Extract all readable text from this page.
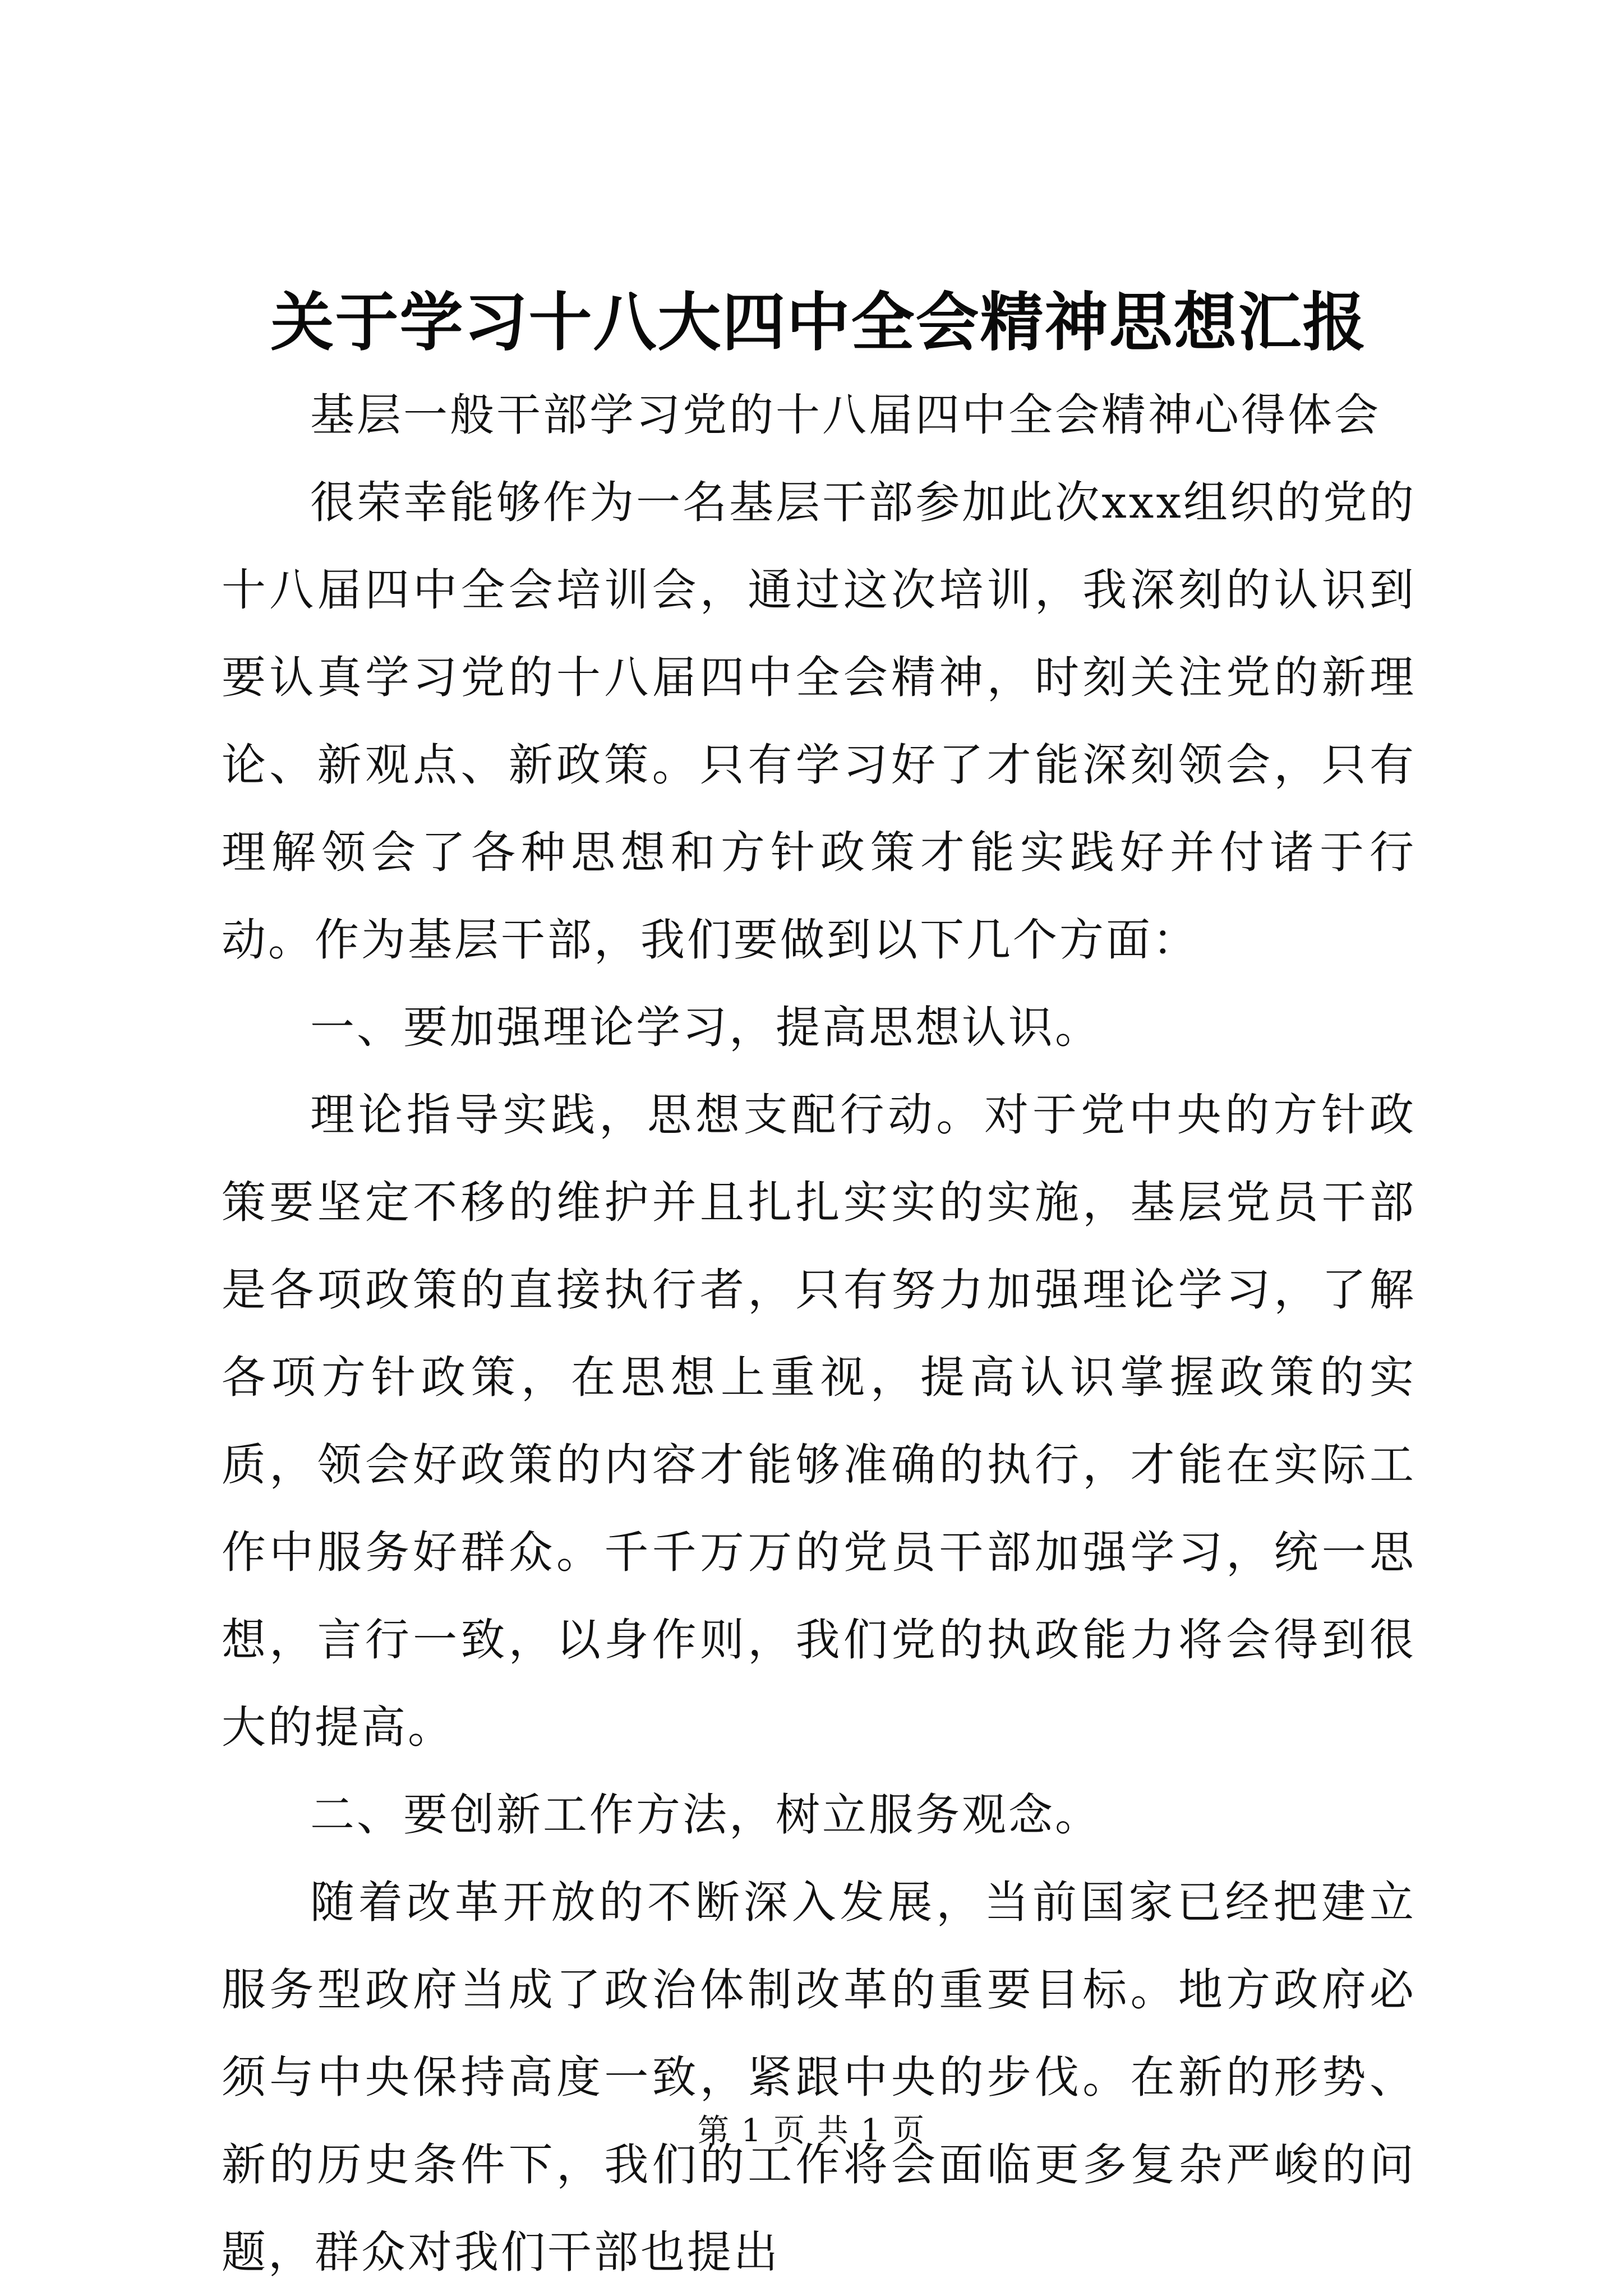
关于学习十八大四中全会精神思想汇报

基层一般干部学习党的十八届四中全会精神心得体会

很荣幸能够作为一名基层干部参加此次xxx组织的党的十八届四中全会培训会，通过这次培训，我深刻的认识到要认真学习党的十八届四中全会精神，时刻关注党的新理论、新观点、新政策。只有学习好了才能深刻领会，只有理解领会了各种思想和方针政策才能实践好并付诸于行动。作为基层干部，我们要做到以下几个方面：

一、要加强理论学习，提高思想认识。

理论指导实践，思想支配行动。对于党中央的方针政策要坚定不移的维护并且扎扎实实的实施，基层党员干部是各项政策的直接执行者，只有努力加强理论学习，了解各项方针政策，在思想上重视，提高认识掌握政策的实质，领会好政策的内容才能够准确的执行，才能在实际工作中服务好群众。千千万万的党员干部加强学习，统一思想，言行一致，以身作则，我们党的执政能力将会得到很大的提高。

二、要创新工作方法，树立服务观念。

随着改革开放的不断深入发展，当前国家已经把建立服务型政府当成了政治体制改革的重要目标。地方政府必须与中央保持高度一致，紧跟中央的步伐。在新的形势、新的历史条件下，我们的工作将会面临更多复杂严峻的问题，群众对我们干部也提出

第 1 页 共 1 页
